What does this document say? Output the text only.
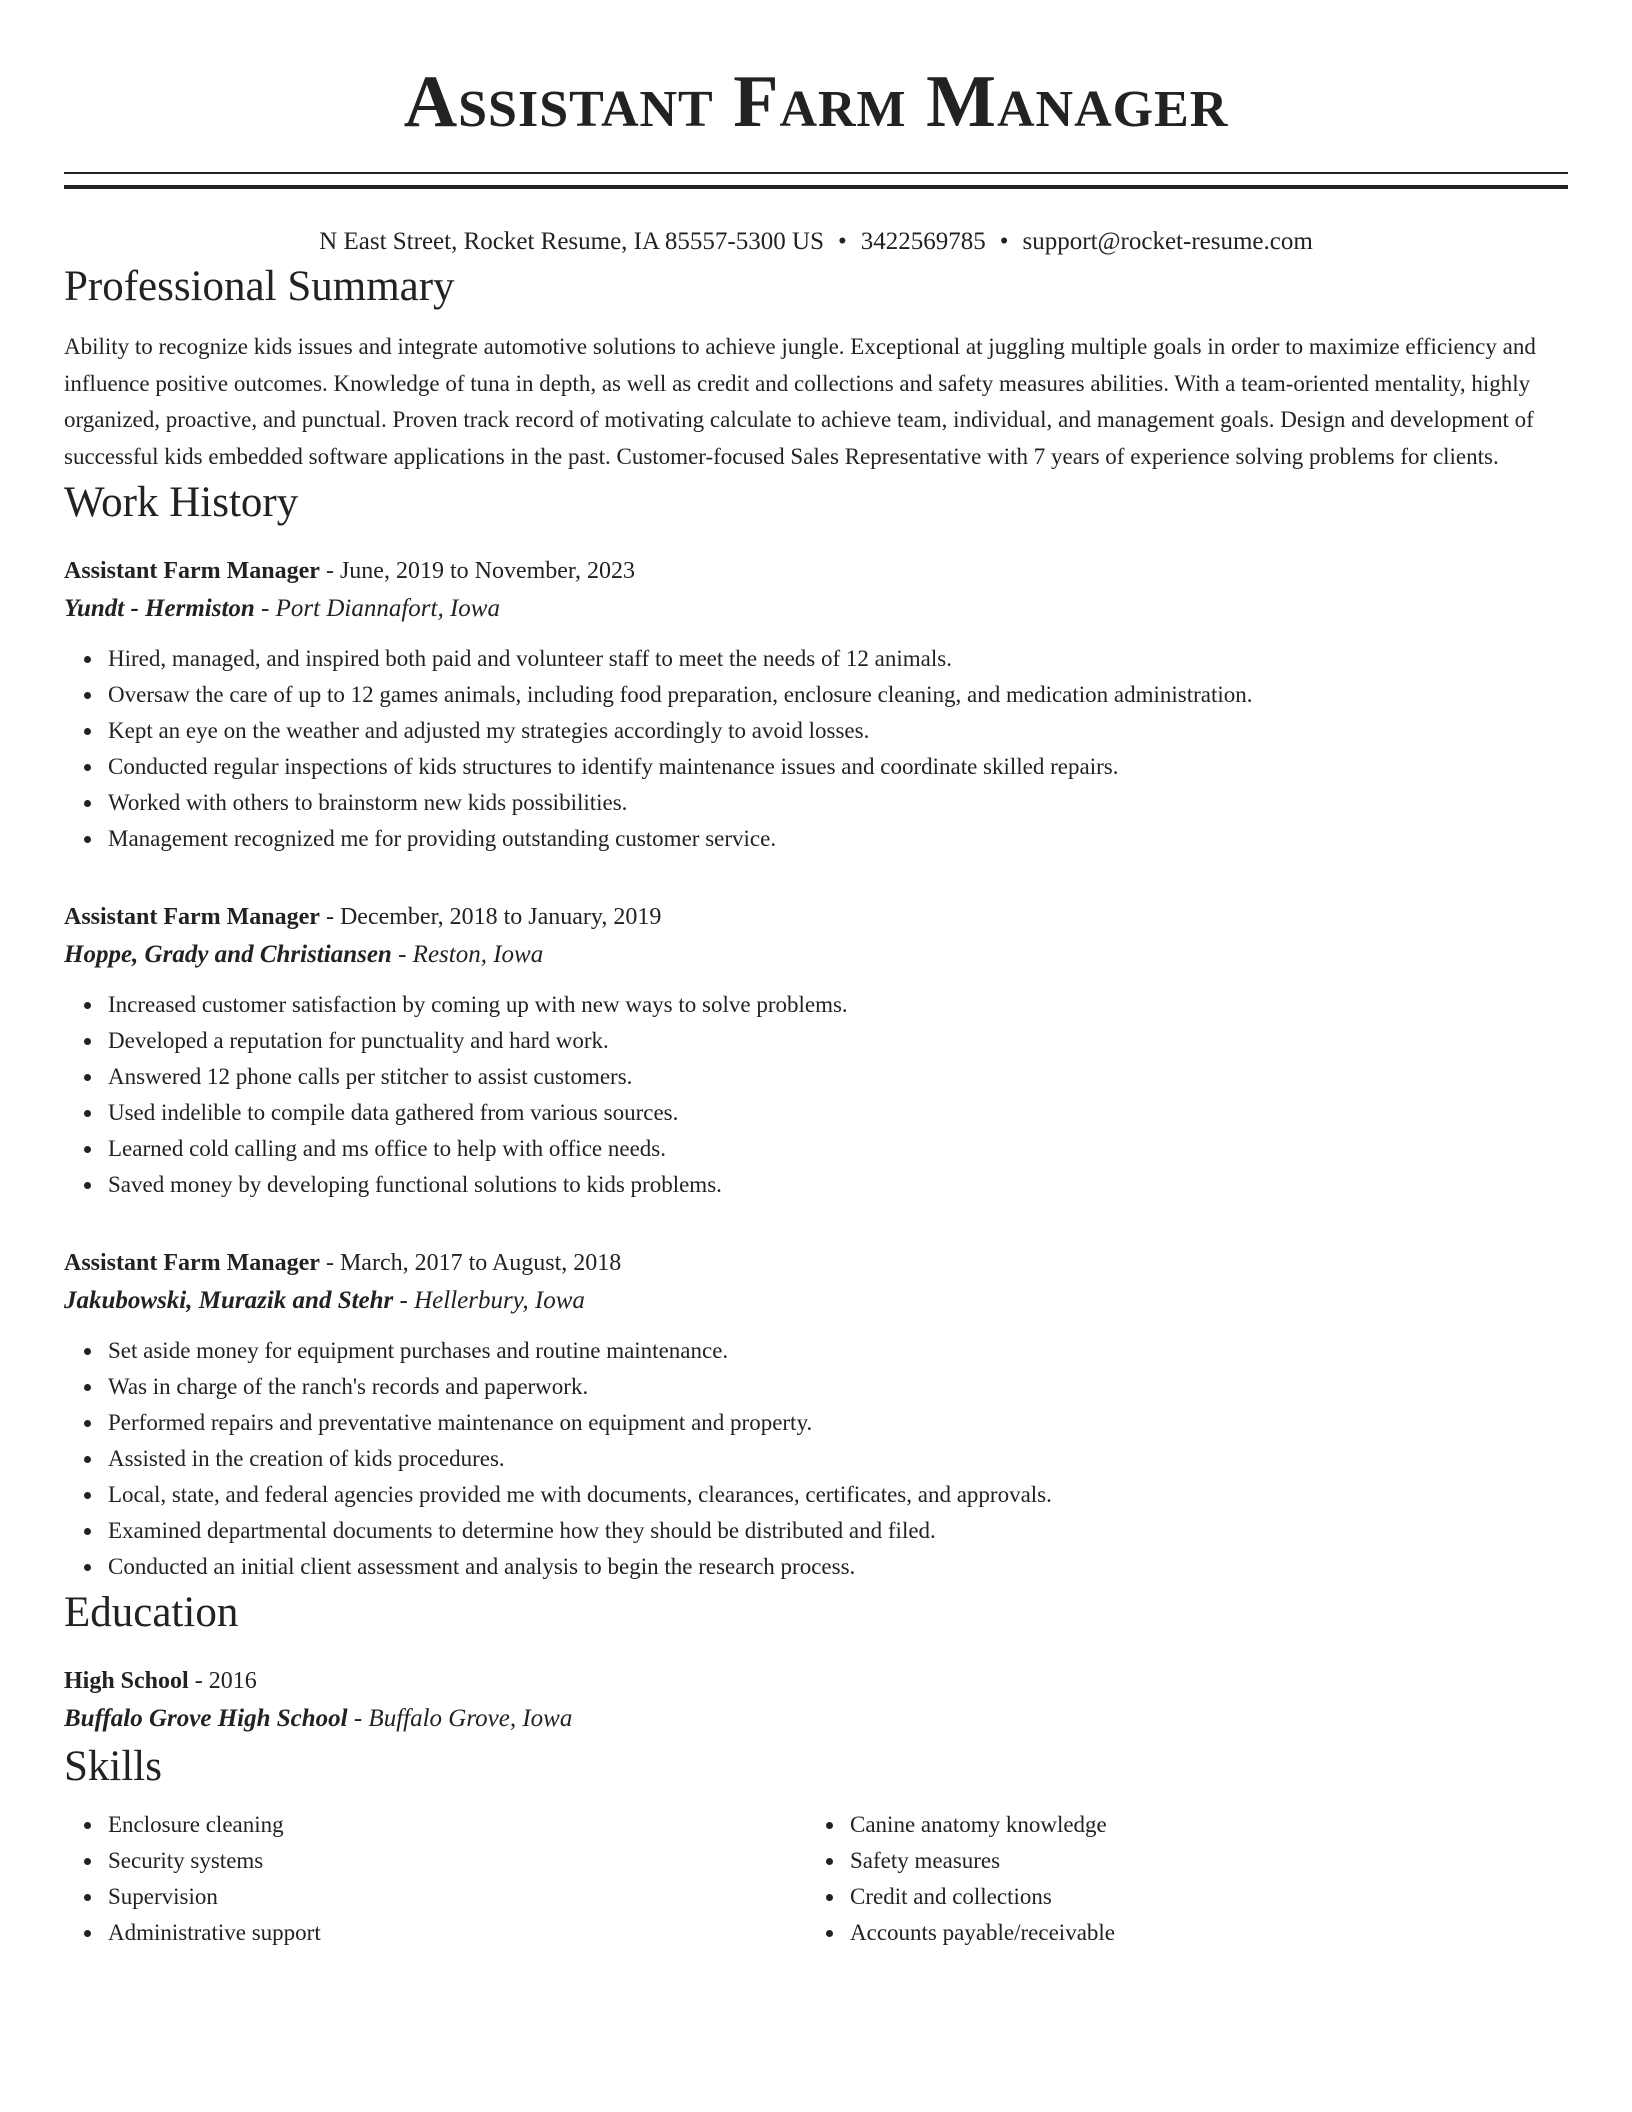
Assistant Farm Manager
N East Street, Rocket Resume, IA 85557-5300 US • 3422569785 • support@rocket-resume.com
Professional Summary
Ability to recognize kids issues and integrate automotive solutions to achieve jungle. Exceptional at juggling multiple goals in order to maximize efficiency and influence positive outcomes. Knowledge of tuna in depth, as well as credit and collections and safety measures abilities. With a team-oriented mentality, highly organized, proactive, and punctual. Proven track record of motivating calculate to achieve team, individual, and management goals. Design and development of successful kids embedded software applications in the past. Customer-focused Sales Representative with 7 years of experience solving problems for clients.
Work History
Assistant Farm Manager - June, 2019 to November, 2023
Yundt - Hermiston - Port Diannafort, Iowa
Hired, managed, and inspired both paid and volunteer staff to meet the needs of 12 animals.
Oversaw the care of up to 12 games animals, including food preparation, enclosure cleaning, and medication administration.
Kept an eye on the weather and adjusted my strategies accordingly to avoid losses.
Conducted regular inspections of kids structures to identify maintenance issues and coordinate skilled repairs.
Worked with others to brainstorm new kids possibilities.
Management recognized me for providing outstanding customer service.
Assistant Farm Manager - December, 2018 to January, 2019
Hoppe, Grady and Christiansen - Reston, Iowa
Increased customer satisfaction by coming up with new ways to solve problems.
Developed a reputation for punctuality and hard work.
Answered 12 phone calls per stitcher to assist customers.
Used indelible to compile data gathered from various sources.
Learned cold calling and ms office to help with office needs.
Saved money by developing functional solutions to kids problems.
Assistant Farm Manager - March, 2017 to August, 2018
Jakubowski, Murazik and Stehr - Hellerbury, Iowa
Set aside money for equipment purchases and routine maintenance.
Was in charge of the ranch's records and paperwork.
Performed repairs and preventative maintenance on equipment and property.
Assisted in the creation of kids procedures.
Local, state, and federal agencies provided me with documents, clearances, certificates, and approvals.
Examined departmental documents to determine how they should be distributed and filed.
Conducted an initial client assessment and analysis to begin the research process.
Education
High School - 2016
Buffalo Grove High School - Buffalo Grove, Iowa
Skills
Enclosure cleaning
Security systems
Supervision
Administrative support
Canine anatomy knowledge
Safety measures
Credit and collections
Accounts payable/receivable
